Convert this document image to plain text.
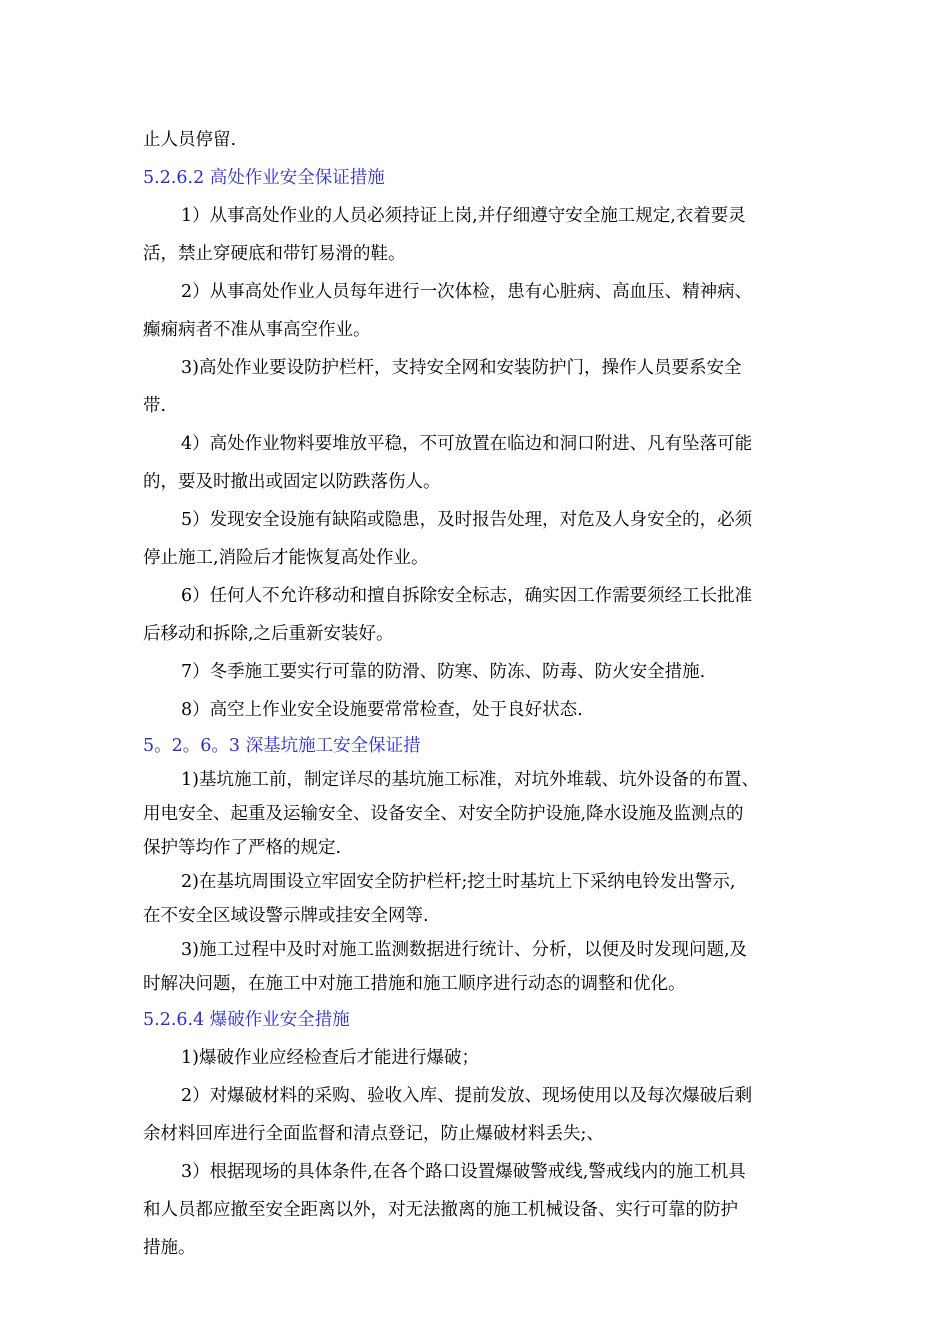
止人员停留.
5.2.6.2 高处作业安全保证措施
1）从事高处作业的人员必须持证上岗,并仔细遵守安全施工规定,衣着要灵
活，禁止穿硬底和带钉易滑的鞋。
2）从事高处作业人员每年进行一次体检，患有心脏病、高血压、精神病、
癫痫病者不准从事高空作业。
3)高处作业要设防护栏杆，支持安全网和安装防护门，操作人员要系安全
带.
4）高处作业物料要堆放平稳，不可放置在临边和洞口附进、凡有坠落可能
的，要及时撤出或固定以防跌落伤人。
5）发现安全设施有缺陷或隐患，及时报告处理，对危及人身安全的，必须
停止施工,消险后才能恢复高处作业。
6）任何人不允许移动和擅自拆除安全标志，确实因工作需要须经工长批准
后移动和拆除,之后重新安装好。
7）冬季施工要实行可靠的防滑、防寒、防冻、防毒、防火安全措施.
8）高空上作业安全设施要常常检查，处于良好状态.
5。2。6。3 深基坑施工安全保证措
1)基坑施工前，制定详尽的基坑施工标准，对坑外堆载、坑外设备的布置、
用电安全、起重及运输安全、设备安全、对安全防护设施,降水设施及监测点的
保护等均作了严格的规定.
2)在基坑周围设立牢固安全防护栏杆;挖土时基坑上下采纳电铃发出警示,
在不安全区域设警示牌或挂安全网等.
3)施工过程中及时对施工监测数据进行统计、分析，以便及时发现问题,及
时解决问题，在施工中对施工措施和施工顺序进行动态的调整和优化。
5.2.6.4 爆破作业安全措施
1)爆破作业应经检查后才能进行爆破；
2）对爆破材料的采购、验收入库、提前发放、现场使用以及每次爆破后剩
余材料回库进行全面监督和清点登记，防止爆破材料丢失;、
3）根据现场的具体条件,在各个路口设置爆破警戒线,警戒线内的施工机具
和人员都应撤至安全距离以外，对无法撤离的施工机械设备、实行可靠的防护
措施。
